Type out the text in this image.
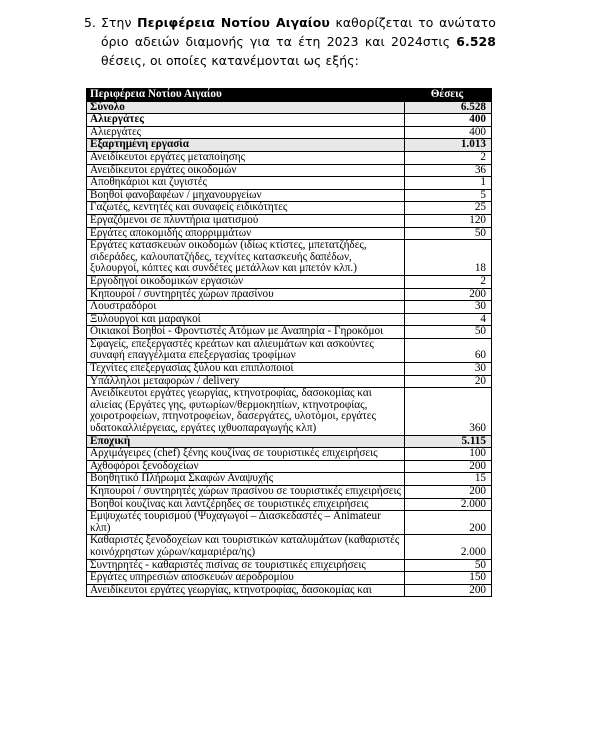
5. Στην Περιφέρεια Νοτίου Αιγαίου καθορίζεται το ανώτατο όριο αδειών διαμονής για τα έτη 2023 και 2024στις 6.528 θέσεις, οι οποίες κατανέμονται ως εξής:

Περιφέρεια Νοτίου Αιγαίου	Θέσεις
Σύνολο	6.528
Αλιεργάτες	400
Αλιεργάτες	400
Εξαρτημένη εργασία	1.013
Ανειδίκευτοι εργάτες μεταποίησης	2
Ανειδίκευτοι εργάτες οικοδομών	36
Αποθηκάριοι και ζυγιστές	1
Βοηθοί φανοβαφέων / μηχανουργείων	5
Γαζωτές, κεντητές και συναφείς ειδικότητες	25
Εργαζόμενοι σε πλυντήρια ιματισμού	120
Εργάτες αποκομιδής απορριμμάτων	50
Εργάτες κατασκευών οικοδομών (ιδίως κτίστες, μπετατζήδες, σιδεράδες, καλουπατζήδες, τεχνίτες κατασκευής δαπέδων, ξυλουργοί, κόπτες και συνδέτες μετάλλων και μπετόν κλπ.)	18
Εργοδηγοί οικοδομικών εργασιών	2
Κηπουροί / συντηρητές χώρων πρασίνου	200
Λουστραδόροι	30
Ξυλουργοί και μαραγκοί	4
Οικιακοί Βοηθοί - Φροντιστές Ατόμων με Αναπηρία - Γηροκόμοι	50
Σφαγείς, επεξεργαστές κρεάτων και αλιευμάτων και ασκούντες συναφή επαγγέλματα επεξεργασίας τροφίμων	60
Τεχνίτες επεξεργασίας ξύλου και επιπλοποιοί	30
Υπάλληλοι μεταφορών / delivery	20
Ανειδίκευτοι εργάτες γεωργίας, κτηνοτροφίας, δασοκομίας και αλιείας (Εργάτες γης, φυτωρίων/θερμοκηπίων, κτηνοτροφίας, χοιροτροφείων, πτηνοτροφείων, δασεργάτες, υλοτόμοι, εργάτες υδατοκαλλιέργειας, εργάτες ιχθυοπαραγωγής κλπ)	360
Εποχική	5.115
Αρχιμάγειρες (chef) ξένης κουζίνας σε τουριστικές επιχειρήσεις	100
Αχθοφόροι ξενοδοχείων	200
Βοηθητικό Πλήρωμα Σκαφών Αναψυχής	15
Κηπουροί / συντηρητές χώρων πρασίνου σε τουριστικές επιχειρήσεις	200
Βοηθοί κουζίνας και λαντζέρηδες σε τουριστικές επιχειρήσεις	2.000
Εμψυχωτές τουρισμού (Ψυχαγωγοί – Διασκεδαστές – Animateur κλπ)	200
Καθαριστές ξενοδοχείων και τουριστικών καταλυμάτων (καθαριστές κοινόχρηστων χώρων/καμαριέρα/ης)	2.000
Συντηρητές - καθαριστές πισίνας σε τουριστικές επιχειρήσεις	50
Εργάτες υπηρεσιών αποσκευών αεροδρομίου	150
Ανειδίκευτοι εργάτες γεωργίας, κτηνοτροφίας, δασοκομίας και	200
